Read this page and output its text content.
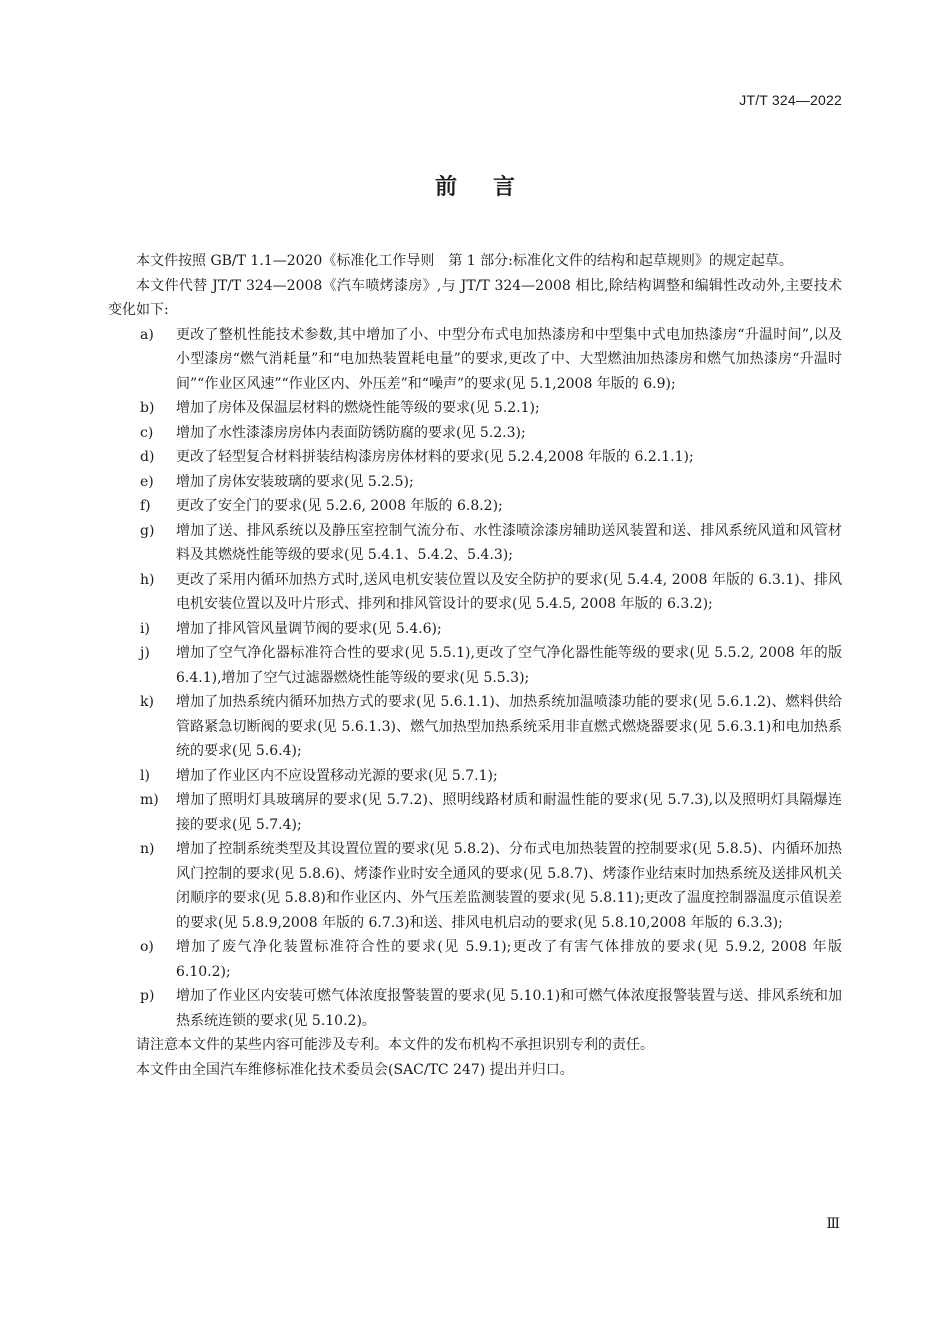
JT/T 324—2022
前言

本文件按照 GB/T 1.1—2020《标准化工作导则　第 1 部分:标准化文件的结构和起草规则》的规定起草。

本文件代替 JT/T 324—2008《汽车喷烤漆房》,与 JT/T 324—2008 相比,除结构调整和编辑性改动外,主要技术变化如下:

a)	更改了整机性能技术参数,其中增加了小、中型分布式电加热漆房和中型集中式电加热漆房“升温时间”,以及小型漆房“燃气消耗量”和“电加热装置耗电量”的要求,更改了中、大型燃油加热漆房和燃气加热漆房“升温时间”“作业区风速”“作业区内、外压差”和“噪声”的要求(见 5.1,2008 年版的 6.9);
b)	增加了房体及保温层材料的燃烧性能等级的要求(见 5.2.1);
c)	增加了水性漆漆房房体内表面防锈防腐的要求(见 5.2.3);
d)	更改了轻型复合材料拼装结构漆房房体材料的要求(见 5.2.4,2008 年版的 6.2.1.1);
e)	增加了房体安装玻璃的要求(见 5.2.5);
f)	更改了安全门的要求(见 5.2.6, 2008 年版的 6.8.2);
g)	增加了送、排风系统以及静压室控制气流分布、水性漆喷涂漆房辅助送风装置和送、排风系统风道和风管材料及其燃烧性能等级的要求(见 5.4.1、5.4.2、5.4.3);
h)	更改了采用内循环加热方式时,送风电机安装位置以及安全防护的要求(见 5.4.4, 2008 年版的 6.3.1)、排风电机安装位置以及叶片形式、排列和排风管设计的要求(见 5.4.5, 2008 年版的 6.3.2);
i)	增加了排风管风量调节阀的要求(见 5.4.6);
j)	增加了空气净化器标准符合性的要求(见 5.5.1),更改了空气净化器性能等级的要求(见 5.5.2, 2008 年的版 6.4.1),增加了空气过滤器燃烧性能等级的要求(见 5.5.3);
k)	增加了加热系统内循环加热方式的要求(见 5.6.1.1)、加热系统加温喷漆功能的要求(见 5.6.1.2)、燃料供给管路紧急切断阀的要求(见 5.6.1.3)、燃气加热型加热系统采用非直燃式燃烧器要求(见 5.6.3.1)和电加热系统的要求(见 5.6.4);
l)	增加了作业区内不应设置移动光源的要求(见 5.7.1);
m)	增加了照明灯具玻璃屏的要求(见 5.7.2)、照明线路材质和耐温性能的要求(见 5.7.3),以及照明灯具隔爆连接的要求(见 5.7.4);
n)	增加了控制系统类型及其设置位置的要求(见 5.8.2)、分布式电加热装置的控制要求(见 5.8.5)、内循环加热风门控制的要求(见 5.8.6)、烤漆作业时安全通风的要求(见 5.8.7)、烤漆作业结束时加热系统及送排风机关闭顺序的要求(见 5.8.8)和作业区内、外气压差监测装置的要求(见 5.8.11);更改了温度控制器温度示值误差的要求(见 5.8.9,2008 年版的 6.7.3)和送、排风电机启动的要求(见 5.8.10,2008 年版的 6.3.3);
o)	增加了废气净化装置标准符合性的要求(见 5.9.1);更改了有害气体排放的要求(见 5.9.2, 2008 年版 6.10.2);
p)	增加了作业区内安装可燃气体浓度报警装置的要求(见 5.10.1)和可燃气体浓度报警装置与送、排风系统和加热系统连锁的要求(见 5.10.2)。

请注意本文件的某些内容可能涉及专利。本文件的发布机构不承担识别专利的责任。

本文件由全国汽车维修标准化技术委员会(SAC/TC 247) 提出并归口。

Ⅲ
